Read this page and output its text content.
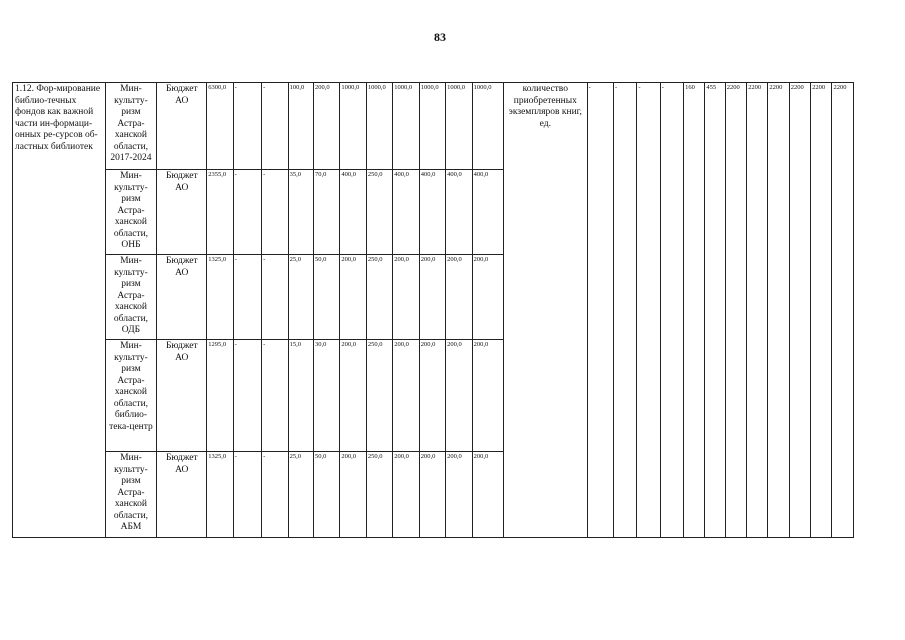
83
1.12. Фор-мирование библио-течных фондов как важной части ин-формаци-онных ре-сурсов об-ластных библиотек	Мин-культту-ризм Астра-ханской области, 2017-2024	Бюджет АО	6300,0	-	-	100,0	200,0	1000,0	1000,0	1000,0	1000,0	1000,0	1000,0	количество приобретенных экземпляров книг, ед.	-	-	-	-	160	455	2200	2200	2200	2200	2200	2200
	Мин-культту-ризм Астра-ханской области, ОНБ	Бюджет АО	2355,0	-	-	35,0	70,0	400,0	250,0	400,0	400,0	400,0	400,0													
	Мин-культту-ризм Астра-ханской области, ОДБ	Бюджет АО	1325,0	-	-	25,0	50,0	200,0	250,0	200,0	200,0	200,0	200,0													
	Мин-культту-ризм Астра-ханской области, библио-тека-центр	Бюджет АО	1295,0	-	-	15,0	30,0	200,0	250,0	200,0	200,0	200,0	200,0													
	Мин-культту-ризм Астра-ханской области, АБМ	Бюджет АО	1325,0	-	-	25,0	50,0	200,0	250,0	200,0	200,0	200,0	200,0													
